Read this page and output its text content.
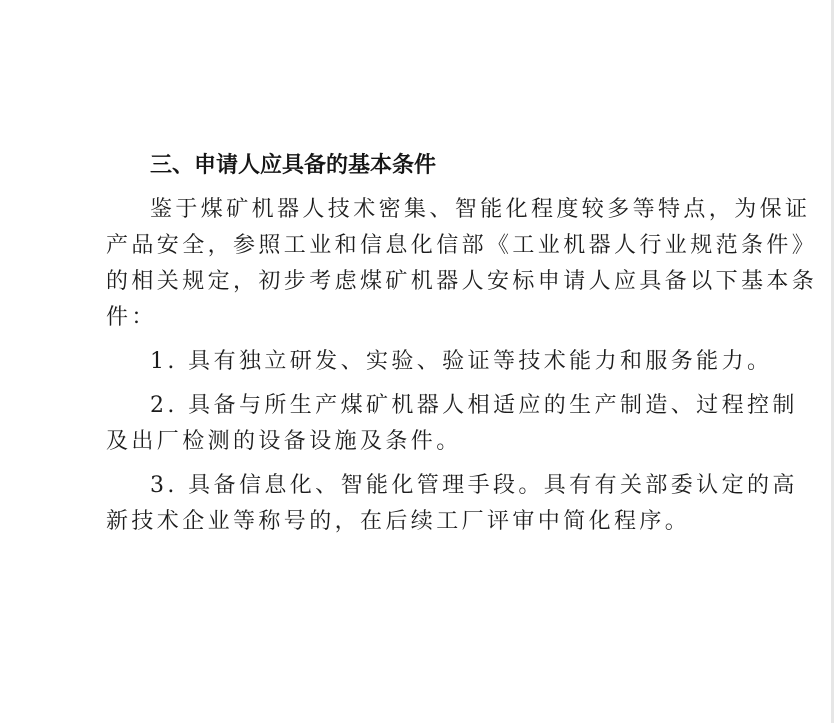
三、申请人应具备的基本条件
鉴于煤矿机器人技术密集、智能化程度较多等特点，为保证
产品安全，参照工业和信息化信部《工业机器人行业规范条件》
的相关规定，初步考虑煤矿机器人安标申请人应具备以下基本条
件：
1. 具有独立研发、实验、验证等技术能力和服务能力。
2. 具备与所生产煤矿机器人相适应的生产制造、过程控制
及出厂检测的设备设施及条件。
3. 具备信息化、智能化管理手段。具有有关部委认定的高
新技术企业等称号的，在后续工厂评审中简化程序。
